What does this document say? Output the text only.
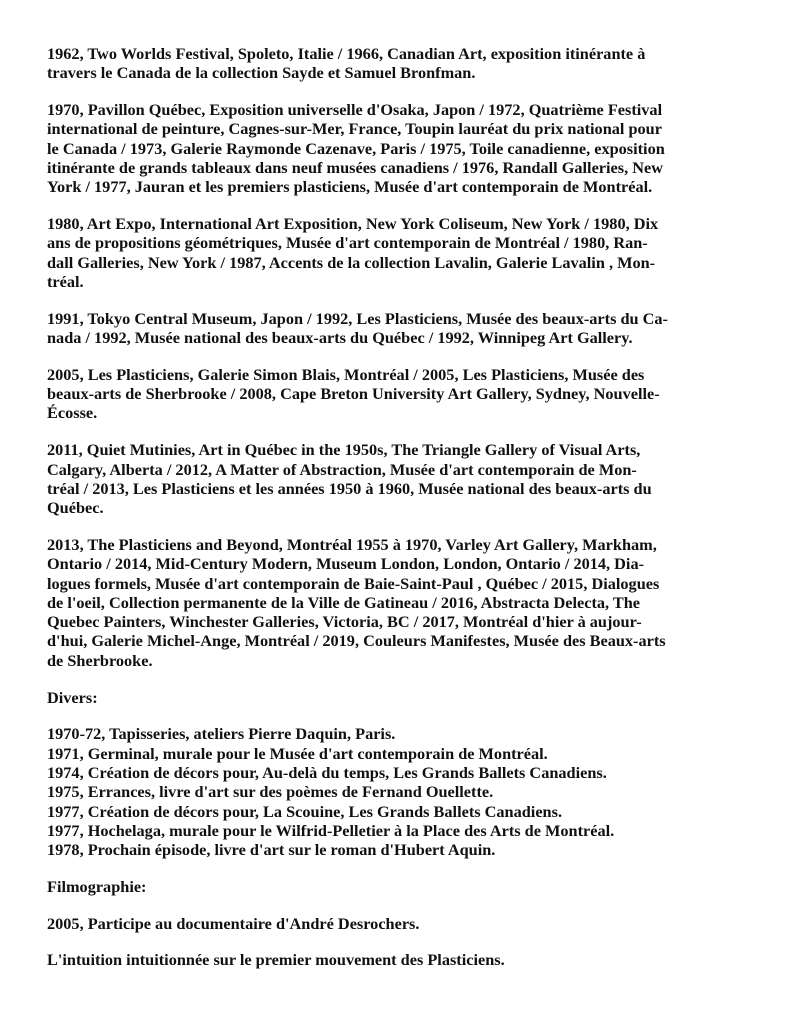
1962, Two Worlds Festival, Spoleto, Italie / 1966, Canadian Art, exposition itinérante à
travers le Canada de la collection Sayde et Samuel Bronfman.

1970, Pavillon Québec, Exposition universelle d'Osaka, Japon / 1972, Quatrième Festival
international de peinture, Cagnes-sur-Mer, France, Toupin lauréat du prix national pour
le Canada / 1973, Galerie Raymonde Cazenave, Paris / 1975, Toile canadienne, exposition
itinérante de grands tableaux dans neuf musées canadiens / 1976, Randall Galleries, New
York / 1977, Jauran et les premiers plasticiens, Musée d'art contemporain de Montréal.

1980, Art Expo, International Art Exposition, New York Coliseum, New York / 1980, Dix
ans de propositions géométriques, Musée d'art contemporain de Montréal / 1980, Ran-
dall Galleries, New York / 1987, Accents de la collection Lavalin, Galerie Lavalin , Mon-
tréal.

1991, Tokyo Central Museum, Japon / 1992, Les Plasticiens, Musée des beaux-arts du Ca-
nada / 1992, Musée national des beaux-arts du Québec / 1992, Winnipeg Art Gallery.

2005, Les Plasticiens, Galerie Simon Blais, Montréal / 2005, Les Plasticiens, Musée des
beaux-arts de Sherbrooke / 2008, Cape Breton University Art Gallery, Sydney, Nouvelle-
Écosse.

2011, Quiet Mutinies, Art in Québec in the 1950s, The Triangle Gallery of Visual Arts,
Calgary, Alberta / 2012, A Matter of Abstraction, Musée d'art contemporain de Mon-
tréal / 2013, Les Plasticiens et les années 1950 à 1960, Musée national des beaux-arts du
Québec.

2013, The Plasticiens and Beyond, Montréal 1955 à 1970, Varley Art Gallery, Markham,
Ontario / 2014, Mid-Century Modern, Museum London, London, Ontario / 2014, Dia-
logues formels, Musée d'art contemporain de Baie-Saint-Paul , Québec / 2015, Dialogues
de l'oeil, Collection permanente de la Ville de Gatineau / 2016, Abstracta Delecta, The
Quebec Painters, Winchester Galleries, Victoria, BC / 2017, Montréal d'hier à aujour-
d'hui, Galerie Michel-Ange, Montréal / 2019, Couleurs Manifestes, Musée des Beaux-arts
de Sherbrooke.

Divers:

1970-72, Tapisseries, ateliers Pierre Daquin, Paris.

1971, Germinal, murale pour le Musée d'art contemporain de Montréal.

1974, Création de décors pour, Au-delà du temps, Les Grands Ballets Canadiens.

1975, Errances, livre d'art sur des poèmes de Fernand Ouellette.

1977, Création de décors pour, La Scouine, Les Grands Ballets Canadiens.

1977, Hochelaga, murale pour le Wilfrid-Pelletier à la Place des Arts de Montréal.

1978, Prochain épisode, livre d'art sur le roman d'Hubert Aquin.

Filmographie:

2005, Participe au documentaire d'André Desrochers.

L'intuition intuitionnée sur le premier mouvement des Plasticiens.
